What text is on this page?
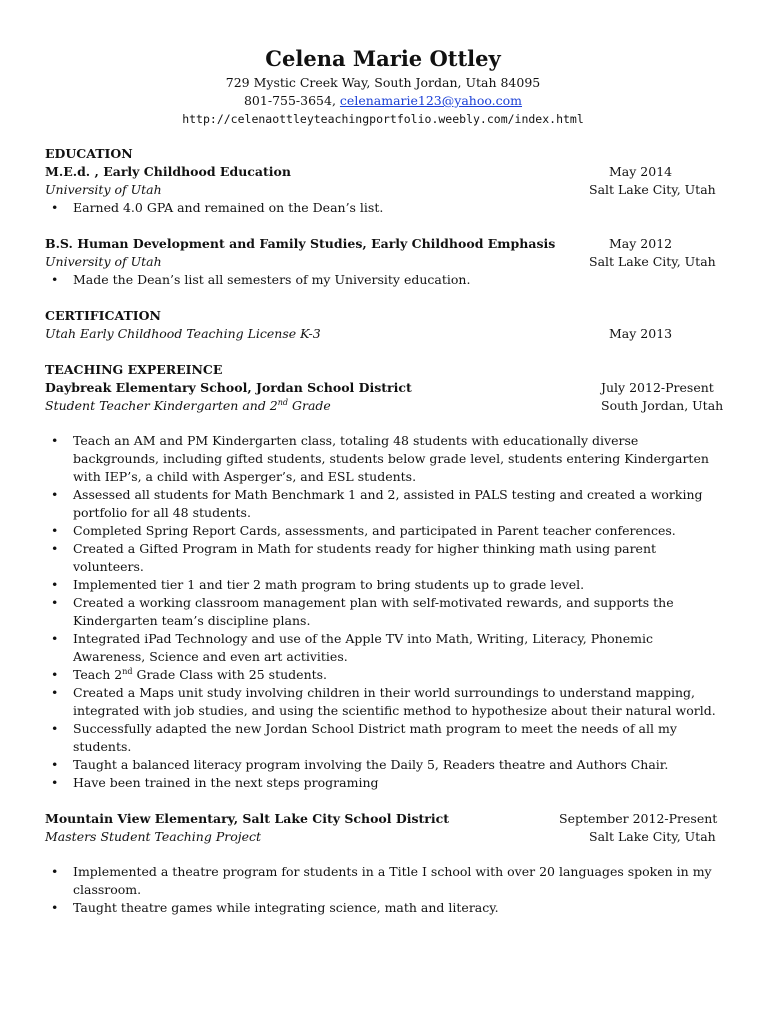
Celena Marie Ottley
729 Mystic Creek Way, South Jordan, Utah 84095
801-755-3654, celenamarie123@yahoo.com
http://celenaottleyteachingportfolio.weebly.com/index.html
EDUCATION
M.E.d. , Early Childhood Education	May 2014
University of Utah	Salt Lake City, Utah
• Earned 4.0 GPA and remained on the Dean’s list.
B.S. Human Development and Family Studies, Early Childhood Emphasis	May 2012
University of Utah	Salt Lake City, Utah
• Made the Dean’s list all semesters of my University education.
CERTIFICATION
Utah Early Childhood Teaching License K-3	May 2013
TEACHING EXPEREINCE
Daybreak Elementary School, Jordan School District	July 2012-Present
Student Teacher Kindergarten and 2nd Grade	South Jordan, Utah
• Teach an AM and PM Kindergarten class, totaling 48 students with educationally diverse backgrounds, including gifted students, students below grade level, students entering Kindergarten with IEP’s, a child with Asperger’s, and ESL students.
• Assessed all students for Math Benchmark 1 and 2, assisted in PALS testing and created a working portfolio for all 48 students.
• Completed Spring Report Cards, assessments, and participated in Parent teacher conferences.
• Created a Gifted Program in Math for students ready for higher thinking math using parent volunteers.
• Implemented tier 1 and tier 2 math program to bring students up to grade level.
• Created a working classroom management plan with self-motivated rewards, and supports the Kindergarten team’s discipline plans.
• Integrated iPad Technology and use of the Apple TV into Math, Writing, Literacy, Phonemic Awareness, Science and even art activities.
• Teach 2nd Grade Class with 25 students.
• Created a Maps unit study involving children in their world surroundings to understand mapping, integrated with job studies, and using the scientific method to hypothesize about their natural world.
• Successfully adapted the new Jordan School District math program to meet the needs of all my students.
• Taught a balanced literacy program involving the Daily 5, Readers theatre and Authors Chair.
• Have been trained in the next steps programing
Mountain View Elementary, Salt Lake City School District	September 2012-Present
Masters Student Teaching Project	Salt Lake City, Utah
• Implemented a theatre program for students in a Title I school with over 20 languages spoken in my classroom.
• Taught theatre games while integrating science, math and literacy.
